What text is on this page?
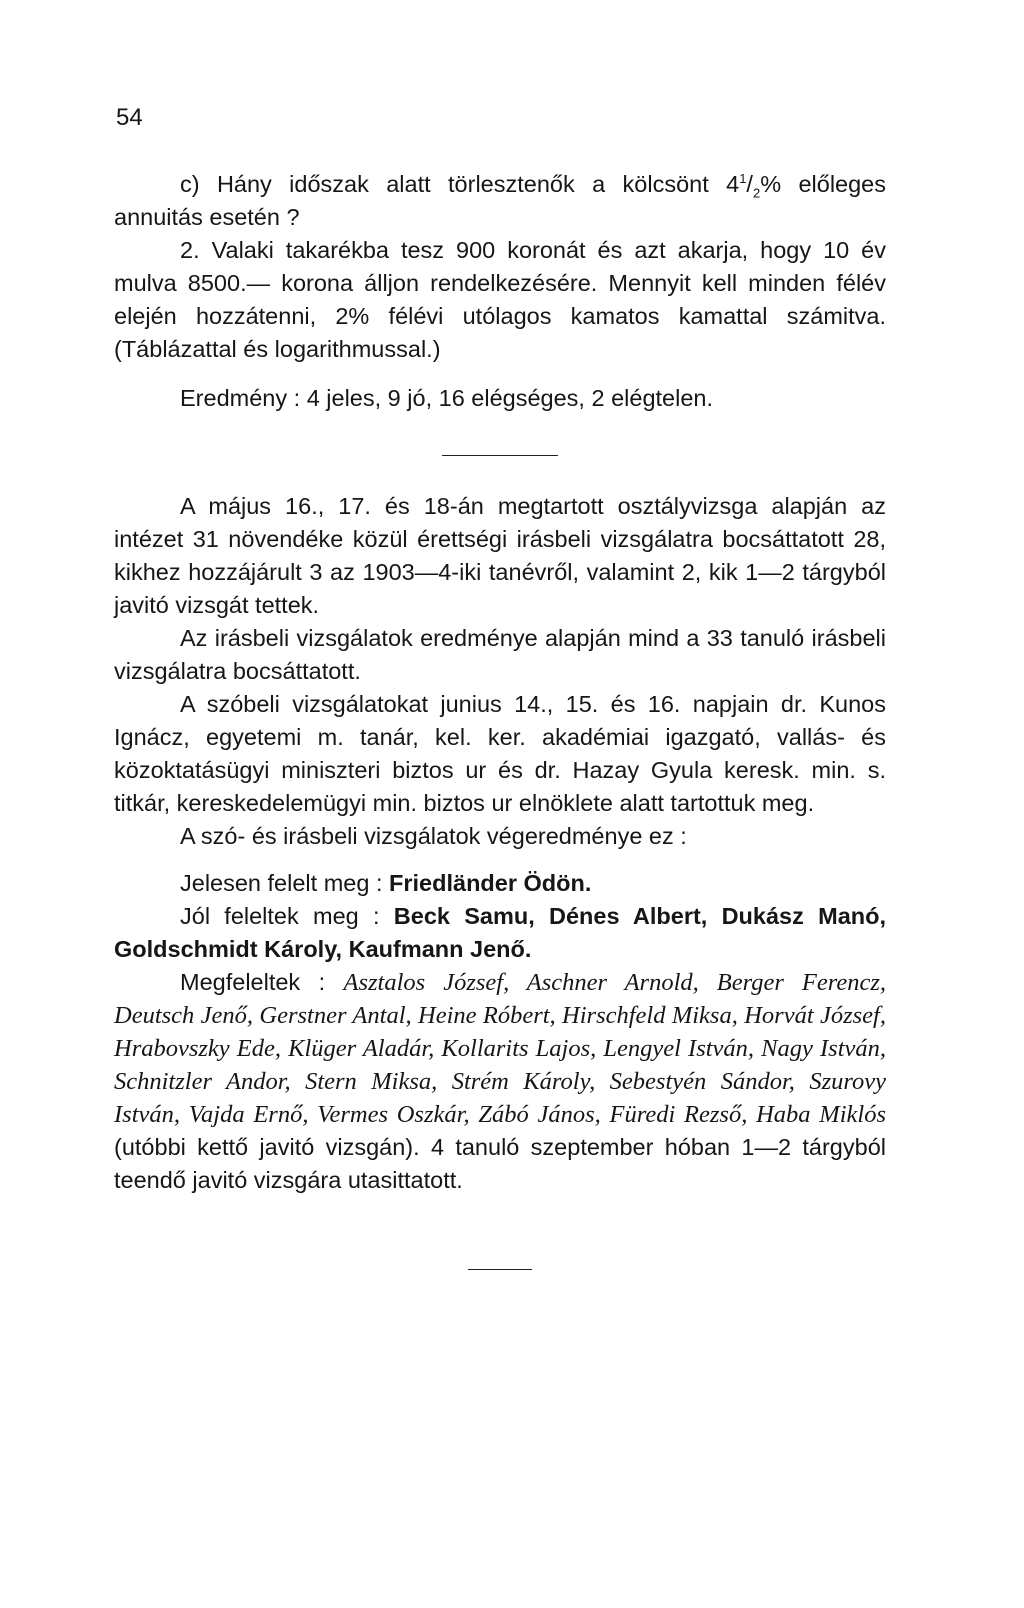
54

c) Hány időszak alatt törlesztenők a kölcsönt $4^1/_2\%$ előleges annuitás esetén ?

2. Valaki takarékba tesz 900 koronát és azt akarja, hogy 10 év mulva 8500.— korona álljon rendelkezésére. Mennyit kell minden félév elején hozzátenni, 2% félévi utólagos kamatos kamattal számitva. (Táblázattal és logarithmussal.)

Eredmény : 4 jeles, 9 jó, 16 elégséges, 2 elégtelen.

A május 16., 17. és 18-án megtartott osztályvizsga alapján az intézet 31 növendéke közül érettségi irásbeli vizsgálatra bocsáttatott 28, kikhez hozzájárult 3 az 1903—4-iki tanévről, valamint 2, kik 1—2 tárgyból javitó vizsgát tettek.

Az irásbeli vizsgálatok eredménye alapján mind a 33 tanuló irásbeli vizsgálatra bocsáttatott.

A szóbeli vizsgálatokat junius 14., 15. és 16. napjain dr. Kunos Ignácz, egyetemi m. tanár, kel. ker. akadémiai igazgató, vallás- és közoktatásügyi miniszteri biztos ur és dr. Hazay Gyula keresk. min. s. titkár, kereskedelemügyi min. biztos ur elnöklete alatt tartottuk meg.

A szó- és irásbeli vizsgálatok végeredménye ez :

Jelesen felelt meg : Friedländer Ödön.

Jól feleltek meg : Beck Samu, Dénes Albert, Dukász Manó, Goldschmidt Károly, Kaufmann Jenő.

Megfeleltek : Asztalos József, Aschner Arnold, Berger Ferencz, Deutsch Jenő, Gerstner Antal, Heine Róbert, Hirschfeld Miksa, Horvát József, Hrabovszky Ede, Klüger Aladár, Kollarits Lajos, Lengyel István, Nagy István, Schnitzler Andor, Stern Miksa, Strém Károly, Sebestyén Sándor, Szurovy István, Vajda Ernő, Vermes Oszkár, Zábó János, Füredi Rezső, Haba Miklós (utóbbi kettő javitó vizsgán). 4 tanuló szeptember hóban 1—2 tárgyból teendő javitó vizsgára utasittatott.
